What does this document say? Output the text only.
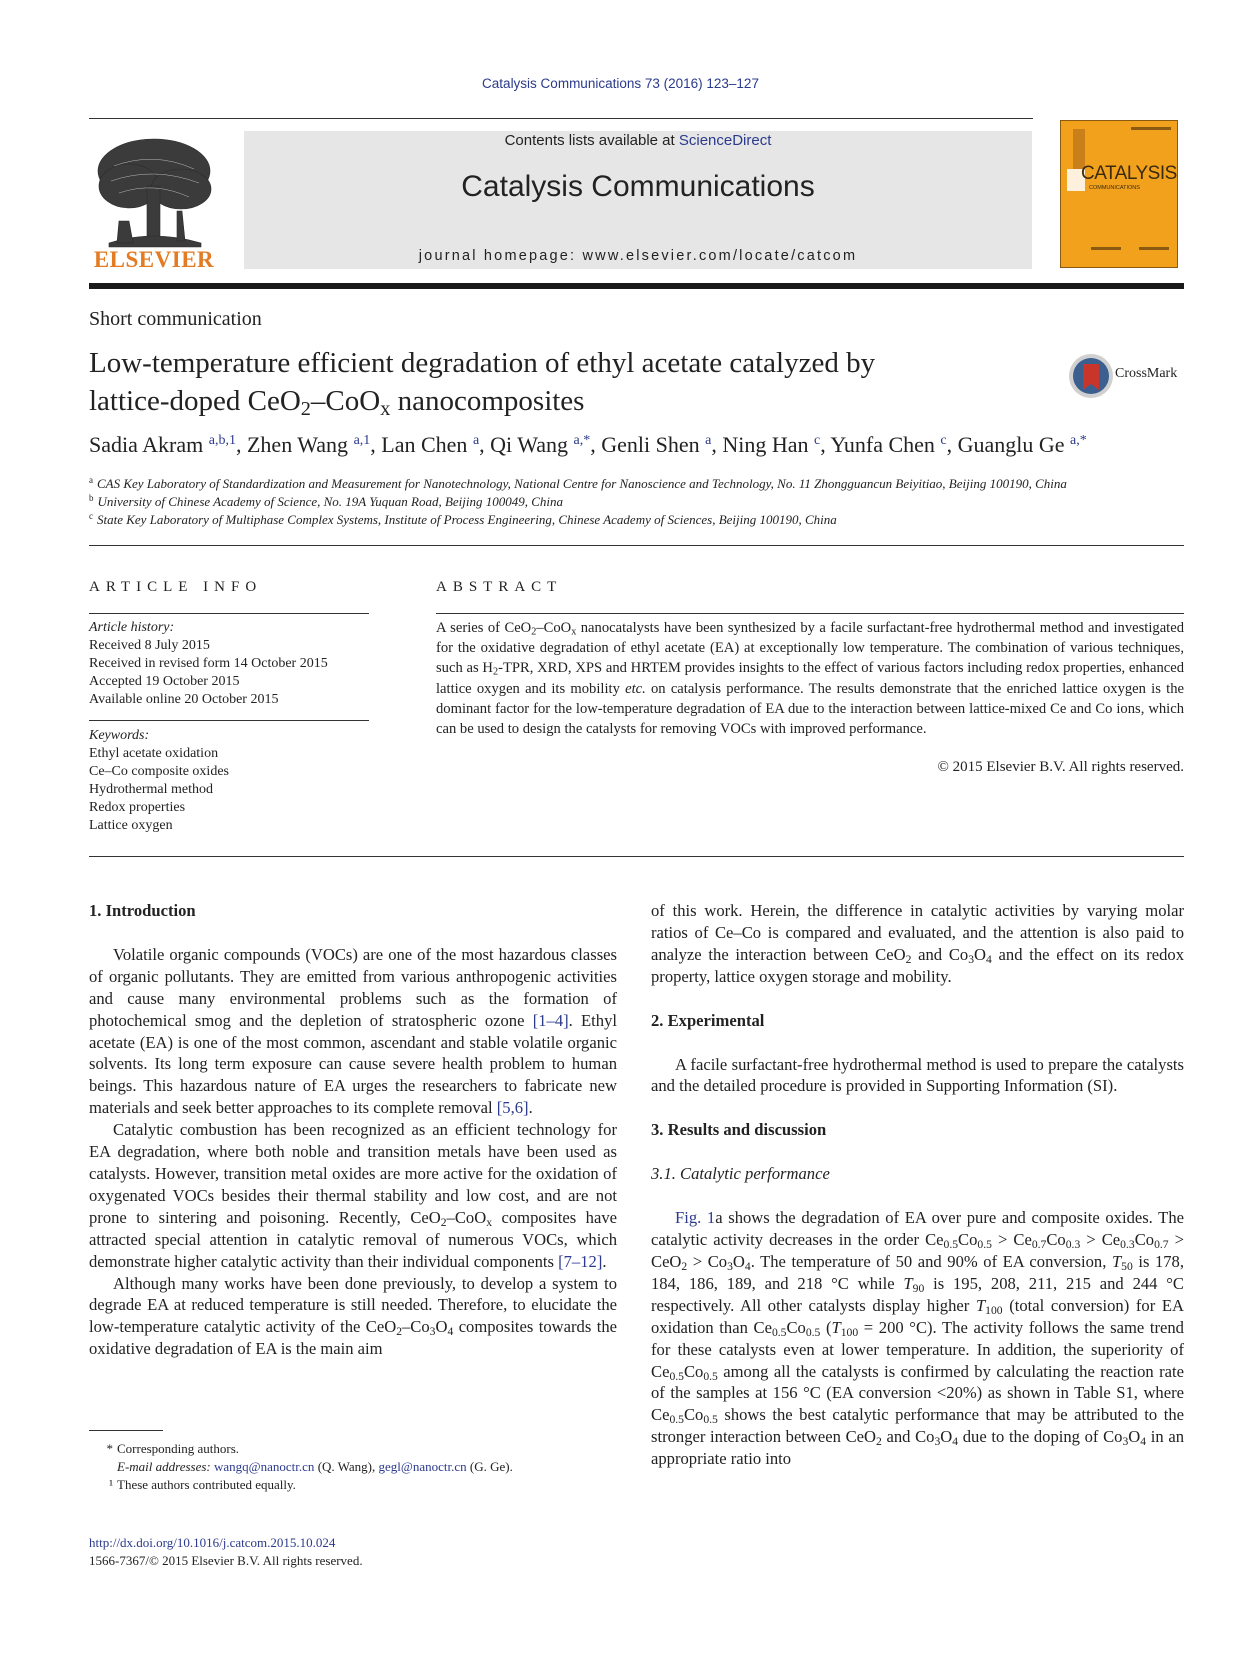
Catalysis Communications 73 (2016) 123–127
ELSEVIER
Contents lists available at ScienceDirect
Catalysis Communications
journal homepage: www.elsevier.com/locate/catcom
CATALYSIS
COMMUNICATIONS
Short communication
Low-temperature efficient degradation of ethyl acetate catalyzed by
lattice-doped CeO$_2$–CoO$_x$ nanocomposites
CrossMark
Sadia Akram $^{a,b,1}$, Zhen Wang $^{a,1}$, Lan Chen $^a$, Qi Wang $^{a,*}$, Genli Shen $^a$, Ning Han $^c$, Yunfa Chen $^c$, Guanglu Ge $^{a,*}$
$^a$ CAS Key Laboratory of Standardization and Measurement for Nanotechnology, National Centre for Nanoscience and Technology, No. 11 Zhongguancun Beiyitiao, Beijing 100190, China
$^b$ University of Chinese Academy of Science, No. 19A Yuquan Road, Beijing 100049, China
$^c$ State Key Laboratory of Multiphase Complex Systems, Institute of Process Engineering, Chinese Academy of Sciences, Beijing 100190, China
ARTICLE INFO
Article history:
Received 8 July 2015
Received in revised form 14 October 2015
Accepted 19 October 2015
Available online 20 October 2015
Keywords:
Ethyl acetate oxidation
Ce–Co composite oxides
Hydrothermal method
Redox properties
Lattice oxygen
ABSTRACT
A series of CeO$_2$–CoO$_x$ nanocatalysts have been synthesized by a facile surfactant-free hydrothermal method and investigated for the oxidative degradation of ethyl acetate (EA) at exceptionally low temperature. The combination of various techniques, such as $H_2$-TPR, XRD, XPS and HRTEM provides insights to the effect of various factors including redox properties, enhanced lattice oxygen and its mobility etc. on catalysis performance. The results demonstrate that the enriched lattice oxygen is the dominant factor for the low-temperature degradation of EA due to the interaction between lattice-mixed Ce and Co ions, which can be used to design the catalysts for removing VOCs with improved performance.
© 2015 Elsevier B.V. All rights reserved.
1. Introduction

Volatile organic compounds (VOCs) are one of the most hazardous classes of organic pollutants. They are emitted from various anthropogenic activities and cause many environmental problems such as the formation of photochemical smog and the depletion of stratospheric ozone [1–4]. Ethyl acetate (EA) is one of the most common, ascendant and stable volatile organic solvents. Its long term exposure can cause severe health problem to human beings. This hazardous nature of EA urges the researchers to fabricate new materials and seek better approaches to its complete removal [5,6].

Catalytic combustion has been recognized as an efficient technology for EA degradation, where both noble and transition metals have been used as catalysts. However, transition metal oxides are more active for the oxidation of oxygenated VOCs besides their thermal stability and low cost, and are not prone to sintering and poisoning. Recently, CeO$_2$–CoO$_x$ composites have attracted special attention in catalytic removal of numerous VOCs, which demonstrate higher catalytic activity than their individual components [7–12].

Although many works have been done previously, to develop a system to degrade EA at reduced temperature is still needed. Therefore, to elucidate the low-temperature catalytic activity of the $CeO_2-Co_3O_4$ composites towards the oxidative degradation of EA is the main aim

of this work. Herein, the difference in catalytic activities by varying molar ratios of Ce–Co is compared and evaluated, and the attention is also paid to analyze the interaction between CeO$_2$ and $Co_3O_4$ and the effect on its redox property, lattice oxygen storage and mobility.

2. Experimental

A facile surfactant-free hydrothermal method is used to prepare the catalysts and the detailed procedure is provided in Supporting Information (SI).

3. Results and discussion
3.1. Catalytic performance

Fig. 1a shows the degradation of EA over pure and composite oxides. The catalytic activity decreases in the order $Ce_{0.5}Co_{0.5} > Ce_{0.7}Co_{0.3} > Ce_{0.3}Co_{0.7} > CeO_2 > Co_3O_4$. The temperature of 50 and 90% of EA conversion, $T_{50}$ is 178, 184, 186, 189, and 218 °C while $T_{90}$ is 195, 208, 211, 215 and 244 °C respectively. All other catalysts display higher $T_{100}$ (total conversion) for EA oxidation than $Ce_{0.5}Co_{0.5}$ ($T_{100} = 200$ °C). The activity follows the same trend for these catalysts even at lower temperature. In addition, the superiority of $Ce_{0.5}Co_{0.5}$ among all the catalysts is confirmed by calculating the reaction rate of the samples at 156 °C (EA conversion <20%) as shown in Table S1, where $Ce_{0.5}Co_{0.5}$ shows the best catalytic performance that may be attributed to the stronger interaction between CeO$_2$ and $Co_3O_4$ due to the doping of $Co_3O_4$ in an appropriate ratio into

* Corresponding authors.
E-mail addresses: wangq@nanoctr.cn (Q. Wang), gegl@nanoctr.cn (G. Ge).
¹ These authors contributed equally.
http://dx.doi.org/10.1016/j.catcom.2015.10.024
1566-7367/© 2015 Elsevier B.V. All rights reserved.
